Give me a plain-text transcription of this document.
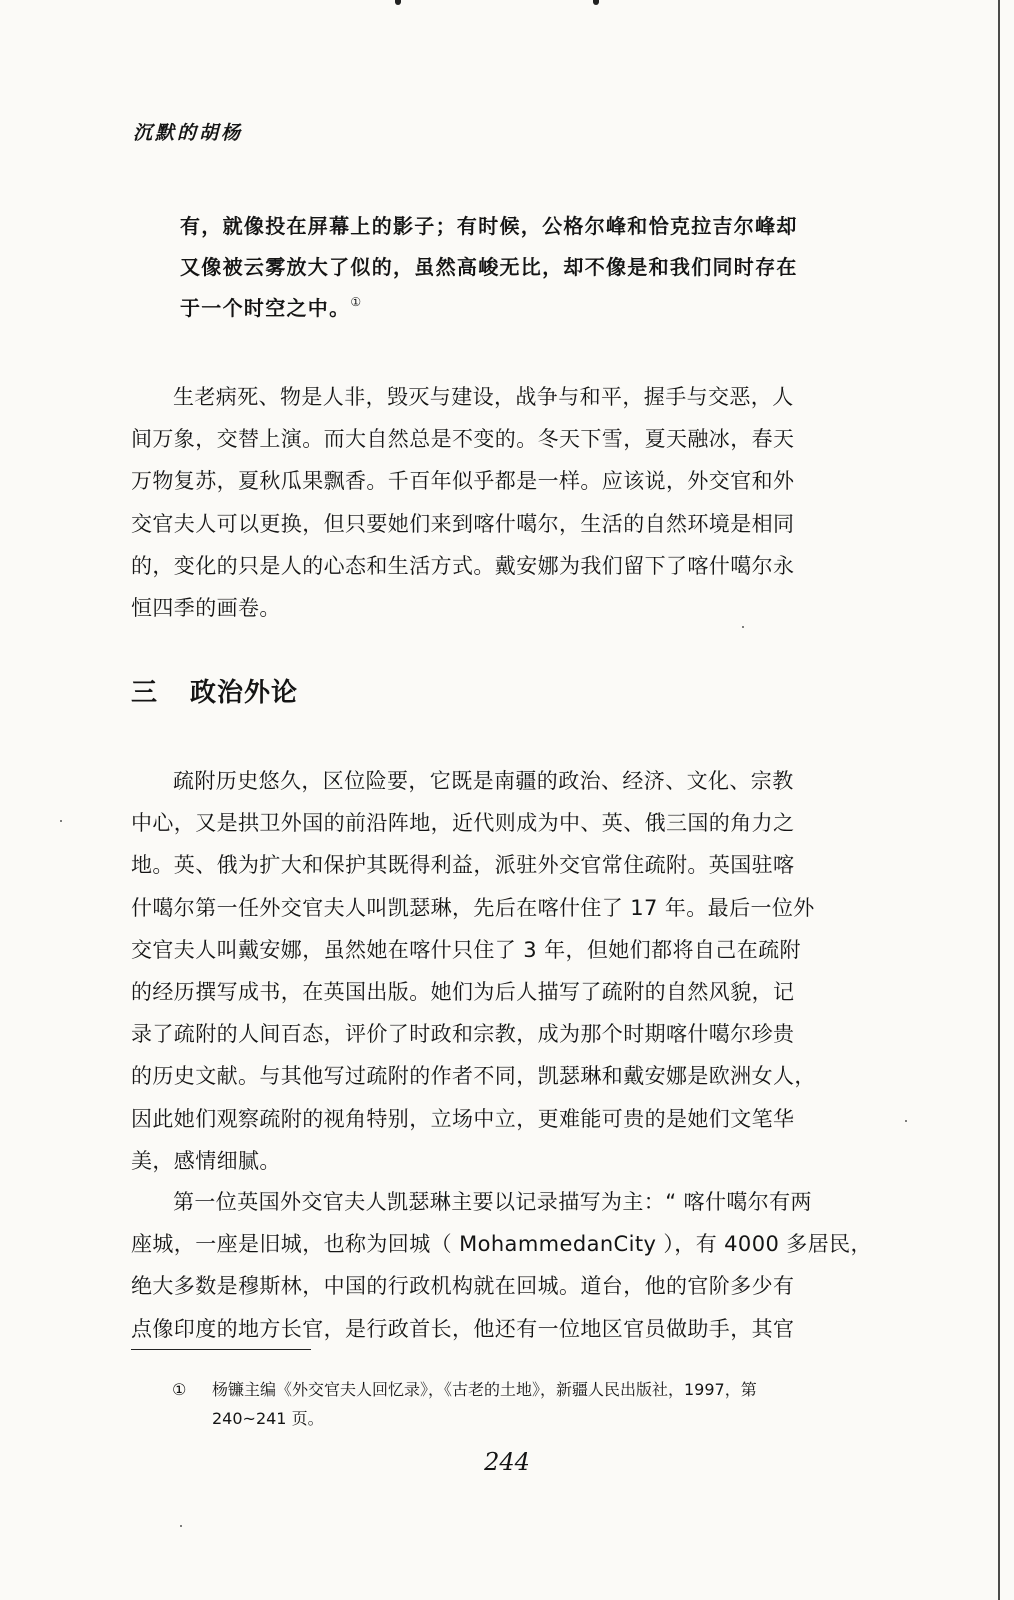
沉默的胡杨

有，就像投在屏幕上的影子；有时候，公格尔峰和恰克拉吉尔峰却

又像被云雾放大了似的，虽然高峻无比，却不像是和我们同时存在

于一个时空之中。①

生老病死、物是人非，毁灭与建设，战争与和平，握手与交恶，人

间万象，交替上演。而大自然总是不变的。冬天下雪，夏天融冰，春天

万物复苏，夏秋瓜果飘香。千百年似乎都是一样。应该说，外交官和外

交官夫人可以更换，但只要她们来到喀什噶尔，生活的自然环境是相同

的，变化的只是人的心态和生活方式。戴安娜为我们留下了喀什噶尔永

恒四季的画卷。

三 政治外论

疏附历史悠久，区位险要，它既是南疆的政治、经济、文化、宗教

中心，又是拱卫外国的前沿阵地，近代则成为中、英、俄三国的角力之

地。英、俄为扩大和保护其既得利益，派驻外交官常住疏附。英国驻喀

什噶尔第一任外交官夫人叫凯瑟琳，先后在喀什住了 17 年。最后一位外

交官夫人叫戴安娜，虽然她在喀什只住了 3 年，但她们都将自己在疏附

的经历撰写成书，在英国出版。她们为后人描写了疏附的自然风貌，记

录了疏附的人间百态，评价了时政和宗教，成为那个时期喀什噶尔珍贵

的历史文献。与其他写过疏附的作者不同，凯瑟琳和戴安娜是欧洲女人，

因此她们观察疏附的视角特别，立场中立，更难能可贵的是她们文笔华

美，感情细腻。

第一位英国外交官夫人凯瑟琳主要以记录描写为主：“ 喀什噶尔有两

座城，一座是旧城，也称为回城（ MohammedanCity ），有 4000 多居民，

绝大多数是穆斯林，中国的行政机构就在回城。道台，他的官阶多少有

点像印度的地方长官，是行政首长，他还有一位地区官员做助手，其官

① 杨镰主编《外交官夫人回忆录》，《古老的土地》，新疆人民出版社，1997，第

240~241 页。

244
